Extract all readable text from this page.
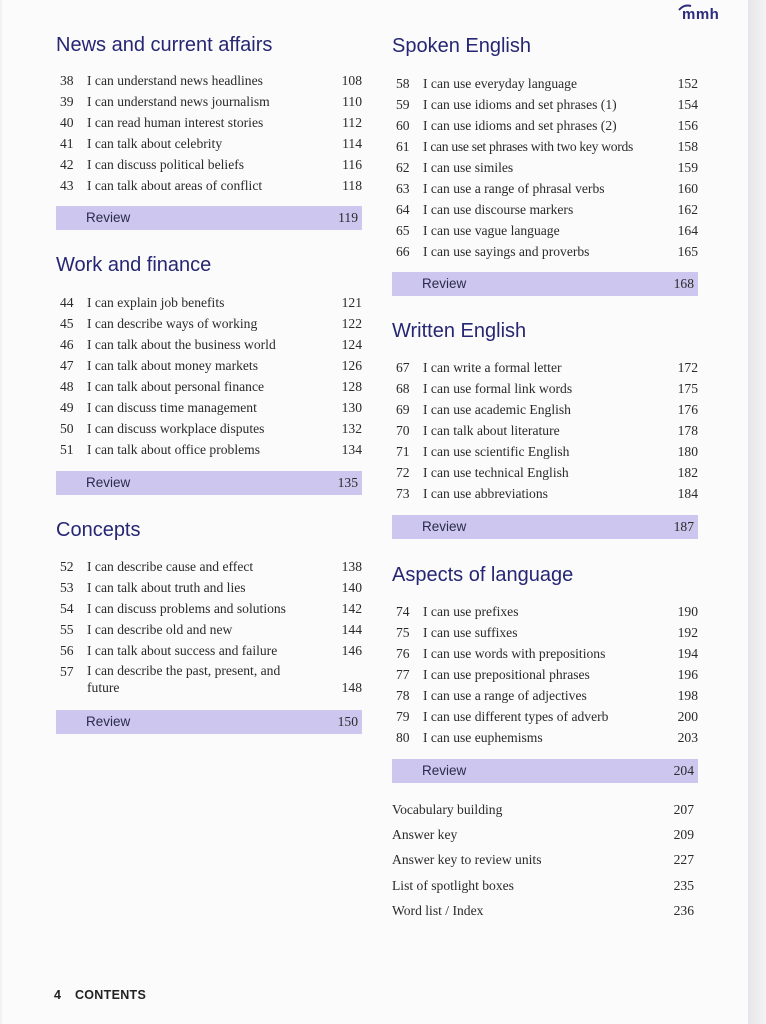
mmh
News and current affairs
38 I can understand news headlines	108
39 I can understand news journalism	110
40 I can read human interest stories	112
41 I can talk about celebrity	114
42 I can discuss political beliefs	116
43 I can talk about areas of conflict	118
Review	119
Work and finance
44 I can explain job benefits	121
45 I can describe ways of working	122
46 I can talk about the business world	124
47 I can talk about money markets	126
48 I can talk about personal finance	128
49 I can discuss time management	130
50 I can discuss workplace disputes	132
51 I can talk about office problems	134
Review	135
Concepts
52 I can describe cause and effect	138
53 I can talk about truth and lies	140
54 I can discuss problems and solutions	142
55 I can describe old and new	144
56 I can talk about success and failure	146
57 I can describe the past, present, and future	148
Review	150
Spoken English
58 I can use everyday language	152
59 I can use idioms and set phrases (1)	154
60 I can use idioms and set phrases (2)	156
61 I can use set phrases with two key words	158
62 I can use similes	159
63 I can use a range of phrasal verbs	160
64 I can use discourse markers	162
65 I can use vague language	164
66 I can use sayings and proverbs	165
Review	168
Written English
67 I can write a formal letter	172
68 I can use formal link words	175
69 I can use academic English	176
70 I can talk about literature	178
71 I can use scientific English	180
72 I can use technical English	182
73 I can use abbreviations	184
Review	187
Aspects of language
74 I can use prefixes	190
75 I can use suffixes	192
76 I can use words with prepositions	194
77 I can use prepositional phrases	196
78 I can use a range of adjectives	198
79 I can use different types of adverb	200
80 I can use euphemisms	203
Review	204
Vocabulary building	207
Answer key	209
Answer key to review units	227
List of spotlight boxes	235
Word list / Index	236
4 CONTENTS
